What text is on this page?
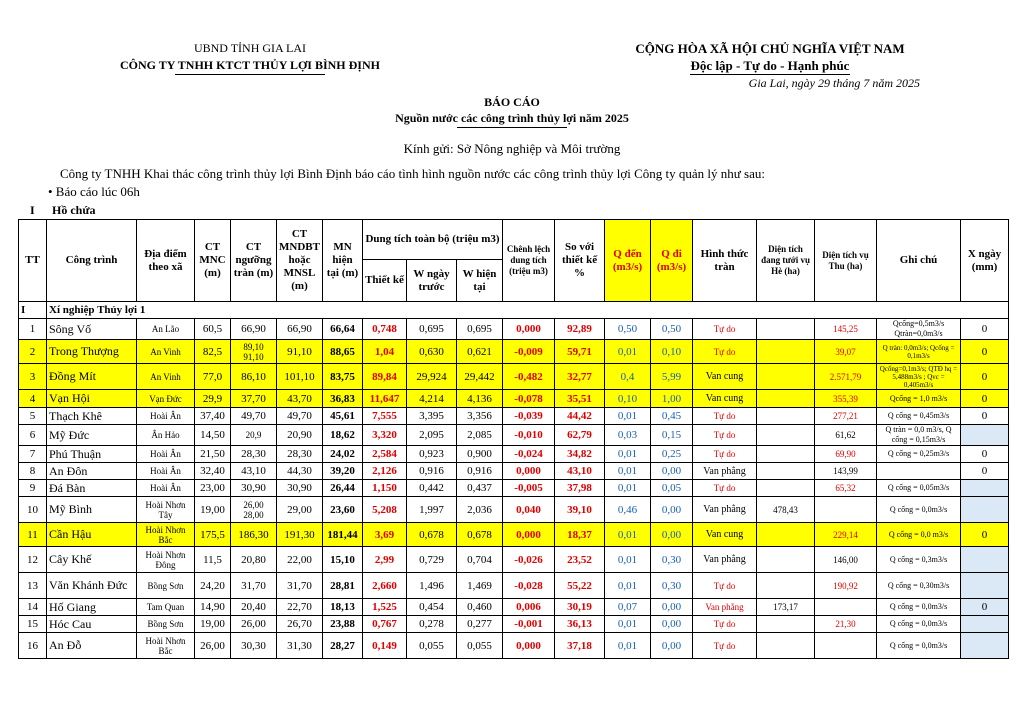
UBND TỈNH GIA LAI
CÔNG TY TNHH KTCT THỦY LỢI BÌNH ĐỊNH
CỘNG HÒA XÃ HỘI CHỦ NGHĨA VIỆT NAM
Độc lập - Tự do - Hạnh phúc
Gia Lai, ngày 29 tháng 7 năm 2025
BÁO CÁO
Nguồn nước các công trình thủy lợi năm 2025
Kính gửi: Sở Nông nghiệp và Môi trường
Công ty TNHH Khai thác công trình thủy lợi Bình Định báo cáo tình hình nguồn nước các công trình thủy lợi Công ty quản lý như sau:
• Báo cáo lúc 06h
I Hồ chứa
TT	Công trình	Địa điểm theo xã	CT MNC (m)	CT ngưỡng tràn (m)	CT MNDBT hoặc MNSL (m)	MN hiện tại (m)	Dung tích toàn bộ (triệu m3)			Chênh lệch dung tích (triệu m3)	So với thiết kế %	Q đến (m3/s)	Q đi (m3/s)	Hình thức tràn	Diện tích đang tưới vụ Hè (ha)	Diện tích vụ Thu (ha)	Ghi chú	X ngày (mm)
							Thiết kế	W ngày trước	W hiện tại									
I	Xí nghiệp Thủy lợi 1																	
1	Sông Vố	An Lão	60,5	66,90	66,90	66,64	0,748	0,695	0,695	0,000	92,89	0,50	0,50	Tự do		145,25	Qcống=0,5m3/s Qtràn=0,0m3/s	0
2	Trong Thượng	An Vinh	82,5	89,10 91,10	91,10	88,65	1,04	0,630	0,621	-0,009	59,71	0,01	0,10	Tự do		39,07	Q tràn: 0,0m3/s; Qcống = 0,1m3/s	0
3	Đồng Mít	An Vinh	77,0	86,10	101,10	83,75	89,84	29,924	29,442	-0,482	32,77	0,4	5,99	Van cung		2.571,79	Qcống=0,1m3/s; QTĐ hq = 5,488m3/s ; Qvc = 0,405m3/s	0
4	Vạn Hội	Vạn Đức	29,9	37,70	43,70	36,83	11,647	4,214	4,136	-0,078	35,51	0,10	1,00	Van cung		355,39	Qcống = 1,0 m3/s	0
5	Thạch Khê	Hoài Ân	37,40	49,70	49,70	45,61	7,555	3,395	3,356	-0,039	44,42	0,01	0,45	Tự do		277,21	Q cống = 0,45m3/s	0
6	Mỹ Đức	Ân Hảo	14,50	20,9	20,90	18,62	3,320	2,095	2,085	-0,010	62,79	0,03	0,15	Tự do		61,62	Q tràn = 0,0 m3/s, Q cống = 0,15m3/s	
7	Phú Thuận	Hoài Ân	21,50	28,30	28,30	24,02	2,584	0,923	0,900	-0,024	34,82	0,01	0,25	Tự do		69,90	Q cống = 0,25m3/s	0
8	An Đôn	Hoài Ân	32,40	43,10	44,30	39,20	2,126	0,916	0,916	0,000	43,10	0,01	0,00	Van phẳng		143,99		0
9	Đá Bàn	Hoài Ân	23,00	30,90	30,90	26,44	1,150	0,442	0,437	-0,005	37,98	0,01	0,05	Tự do		65,32	Q cống = 0,05m3/s	
10	Mỹ Bình	Hoài Nhơn Tây	19,00	26,00 28,00	29,00	23,60	5,208	1,997	2,036	0,040	39,10	0,46	0,00	Van phẳng	478,43		Q cống = 0,0m3/s	
11	Cần Hậu	Hoài Nhơn Bắc	175,5	186,30	191,30	181,44	3,69	0,678	0,678	0,000	18,37	0,01	0,00	Van cung		229,14	Q cống = 0,0 m3/s	0
12	Cây Khế	Hoài Nhơn Đông	11,5	20,80	22,00	15,10	2,99	0,729	0,704	-0,026	23,52	0,01	0,30	Van phẳng		146,00	Q cống = 0,3m3/s	
13	Văn Khánh Đức	Bồng Sơn	24,20	31,70	31,70	28,81	2,660	1,496	1,469	-0,028	55,22	0,01	0,30	Tự do		190,92	Q cống = 0,30m3/s	
14	Hố Giang	Tam Quan	14,90	20,40	22,70	18,13	1,525	0,454	0,460	0,006	30,19	0,07	0,00	Van phẳng	173,17		Q cống = 0,0m3/s	0
15	Hóc Cau	Bồng Sơn	19,00	26,00	26,70	23,88	0,767	0,278	0,277	-0,001	36,13	0,01	0,00	Tự do		21,30	Q cống = 0,0m3/s	
16	An Đỗ	Hoài Nhơn Bắc	26,00	30,30	31,30	28,27	0,149	0,055	0,055	0,000	37,18	0,01	0,00	Tự do			Q cống = 0,0m3/s	
